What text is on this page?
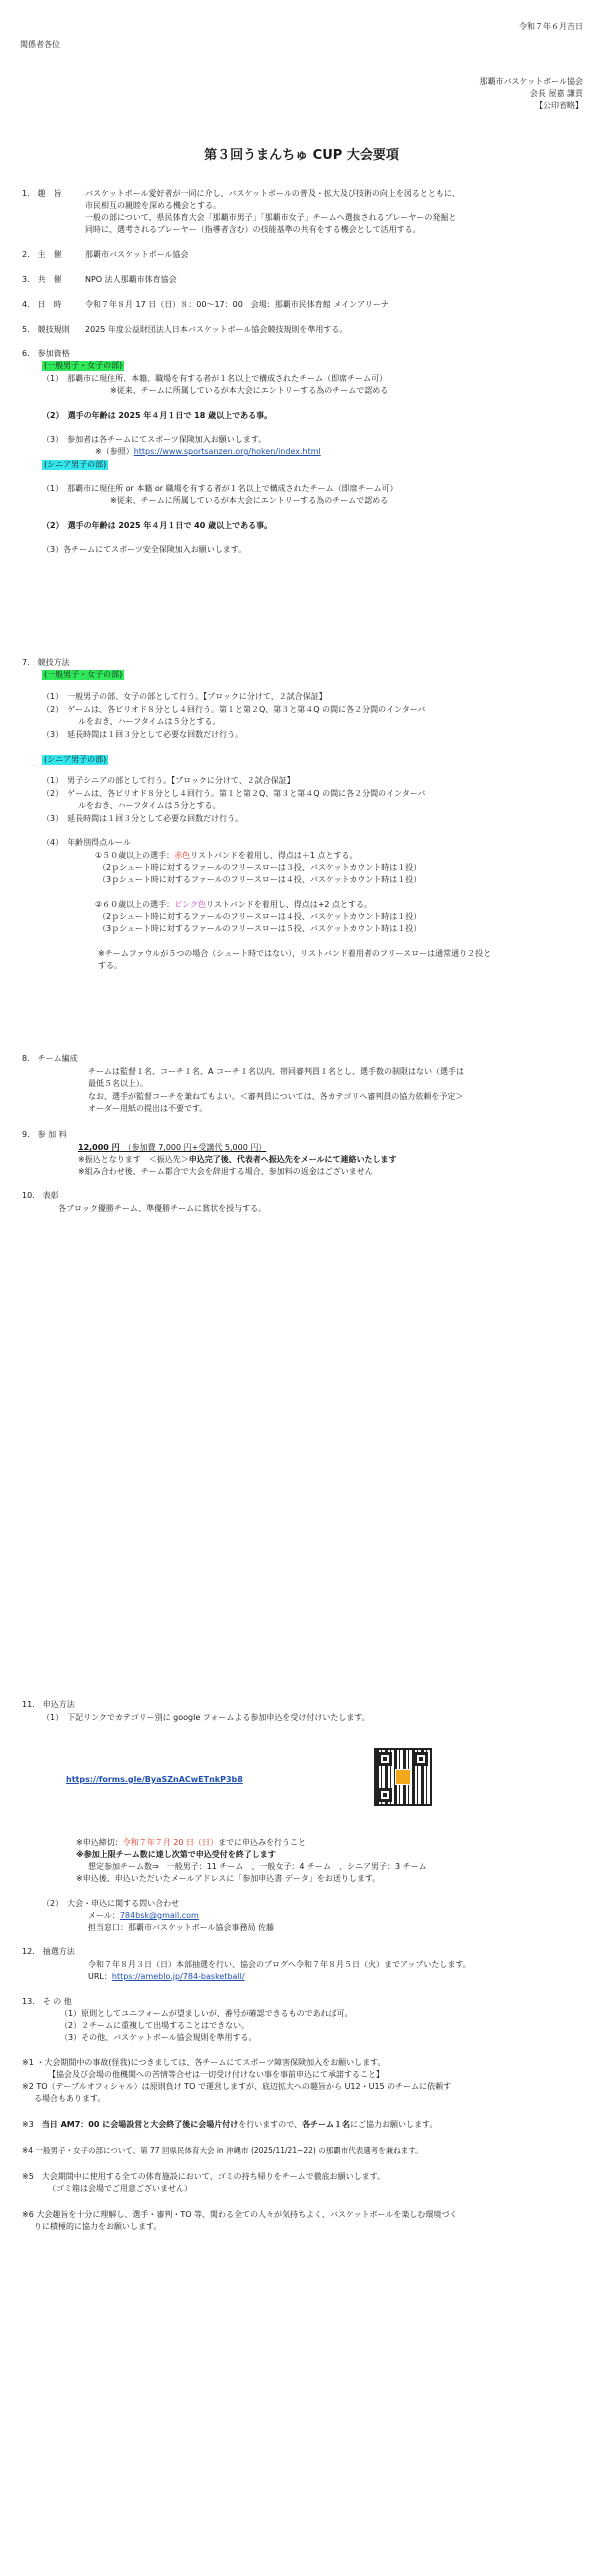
令和７年６月吉日
関係者各位
那覇市バスケットボール協会
会長 屋嘉 謙貢
【公印省略】
第３回うまんちゅ CUP 大会要項
1.　趣　旨	バスケットボール愛好者が一同に介し、バスケットボールの普及・拡大及び技術の向上を図るとともに、
市民相互の親睦を深める機会とする。
一般の部について、県民体育大会「那覇市男子」「那覇市女子」チームへ選抜されるプレーヤーの発掘と
同時に、選考されるプレーヤー（指導者含む）の技能基準の共有をする機会として活用する。
2.　主　催	那覇市バスケットボール協会
3.　共　催	NPO 法人那覇市体育協会
4.　日　時	令和７年８月 17 日（日）８：00～17：00　会場：那覇市民体育館 メインアリーナ
5.　競技規則 2025 年度公益財団法人日本バスケットボール協会競技規則を準用する。
6.　参加資格
(一般男子・女子の部)
（1）　那覇市に現住所、本籍、職場を有する者が１名以上で構成されたチーム（即席チーム可）
※従来、チームに所属しているが本大会にエントリーする為のチームで認める
（2）　選手の年齢は 2025 年４月１日で 18 歳以上である事。
（3）　参加者は各チームにてスポーツ保険加入お願いします。
※（参照）https://www.sportsanzen.org/hoken/index.html
(シニア男子の部)
（1）　那覇市に現住所 or 本籍 or 職場を有する者が１名以上で構成されたチーム（即席チーム可）
※従来、チームに所属しているが本大会にエントリーする為のチームで認める
（2）　選手の年齢は 2025 年４月１日で 40 歳以上である事。
（3）各チームにてスポーツ安全保険加入お願いします。
7.　競技方法
(一般男子・女子の部)
（1）　一般男子の部、女子の部として行う。【ブロックに分けて、２試合保証】
（2）　ゲームは、各ピリオド８分とし４回行う。第１と第２Q、第３と第４Q の間に各２分間のインターバ
ルをおき、ハーフタイムは５分とする。
（3）　延長時間は１回３分として必要な回数だけ行う。
(シニア男子の部)
（1）　男子シニアの部として行う。【ブロックに分けて、２試合保証】
（2）　ゲームは、各ピリオド８分とし４回行う。第１と第２Q、第３と第４Q の間に各２分間のインターバ
ルをおき、ハーフタイムは５分とする。
（3）　延長時間は１回３分として必要な回数だけ行う。
（4）　年齢別得点ルール
①５０歳以上の選手：赤色リストバンドを着用し、得点は＋1 点とする。
（2ｐシュート時に対するファールのフリースローは３投、バスケットカウント時は１投）
（3ｐシュート時に対するファールのフリースローは４投、バスケットカウント時は１投）
②６０歳以上の選手：ピンク色リストバンドを着用し、得点は+2 点とする。
（2ｐシュート時に対するファールのフリースローは４投、バスケットカウント時は１投）
（3ｐシュート時に対するファールのフリースローは５投、バスケットカウント時は１投）
※チームファウルが５つの場合（シュート時ではない），リストバンド着用者のフリースローは通常通り２投と
する。
8.　チーム編成
チームは監督１名、コーチ１名、A コーチ１名以内、帯同審判員１名とし、選手数の制限はない（選手は
最低５名以上）。
なお、選手が監督コーチを兼ねてもよい。＜審判員については、各カテゴリへ審判員の協力依頼を予定＞
オーダー用紙の提出は不要です。
9.　参 加 料
12,000 円　 （参加費 7,000 円+受講代 5,000 円）
※振込となります　＜振込先＞申込完了後、代表者へ振込先をメールにて連絡いたします
※組み合わせ後、チーム都合で大会を辞退する場合、参加料の返金はございません
10.　表彰
各ブロック優勝チーム、準優勝チームに賞状を授与する。
11.　申込方法
（1）　下記リンクでカテゴリー別に google フォームよる参加申込を受け付けいたします。
https://forms.gle/ByaSZnACwETnkP3b8
※申込締切：令和７年７月 20 日（日）までに申込みを行うこと
※参加上限チーム数に達し次第で申込受付を終了します
想定参加チーム数⇒　一般男子：11 チーム　、一般女子：4 チーム　、シニア男子：3 チーム
※申込後、申込いただいたメールアドレスに「参加申込書 データ」をお送りします。
（2）　大会・申込に関する問い合わせ
メール：784bsk@gmail.com
担当窓口：那覇市バスケットボール協会事務局 佐藤
12.　抽選方法
令和７年８月３日（日）本部抽選を行い、協会のブログへ令和７年８月５日（火）までアップいたします。
URL：https://ameblo.jp/784-basketball/
13.　そ の 他
（1）原則としてユニフォームが望ましいが、番号が確認できるものであれば可。
（2）２チームに重複して出場することはできない。
（3）その他、バスケットボール協会規則を準用する。
※1 ・大会期間中の事故(怪我)につきましては、各チームにてスポーツ障害保険加入をお願いします。
【協会及び会場の他機関への苦情等合せは一切受け付けない事を事前申込にて承諾すること】
※2 TO（テーブルオフィシャル）は原則負け TO で運営しますが、底辺拡大への趣旨から U12・U15 のチームに依頼す
る場合もあります。
※3　 当日 AM7：00 に会場設営と大会終了後に会場片付けを行いますので、各チーム１名にご協力お願いします。
※4 一般男子・女子の部について、第 77 回県民体育大会 in 沖縄市 (2025/11/21~22) の那覇市代表選考を兼ねます。
※5　大会期間中に使用する全ての体育施設において、ゴミの持ち帰りをチームで徹底お願いします。
（ゴミ箱は会場でご用意ございません）
※6 大会趣旨を十分に理解し、選手・審判・TO 等、関わる全ての人々が気持ちよく、バスケットボールを楽しむ環境づく
りに積極的に協力をお願いします。
